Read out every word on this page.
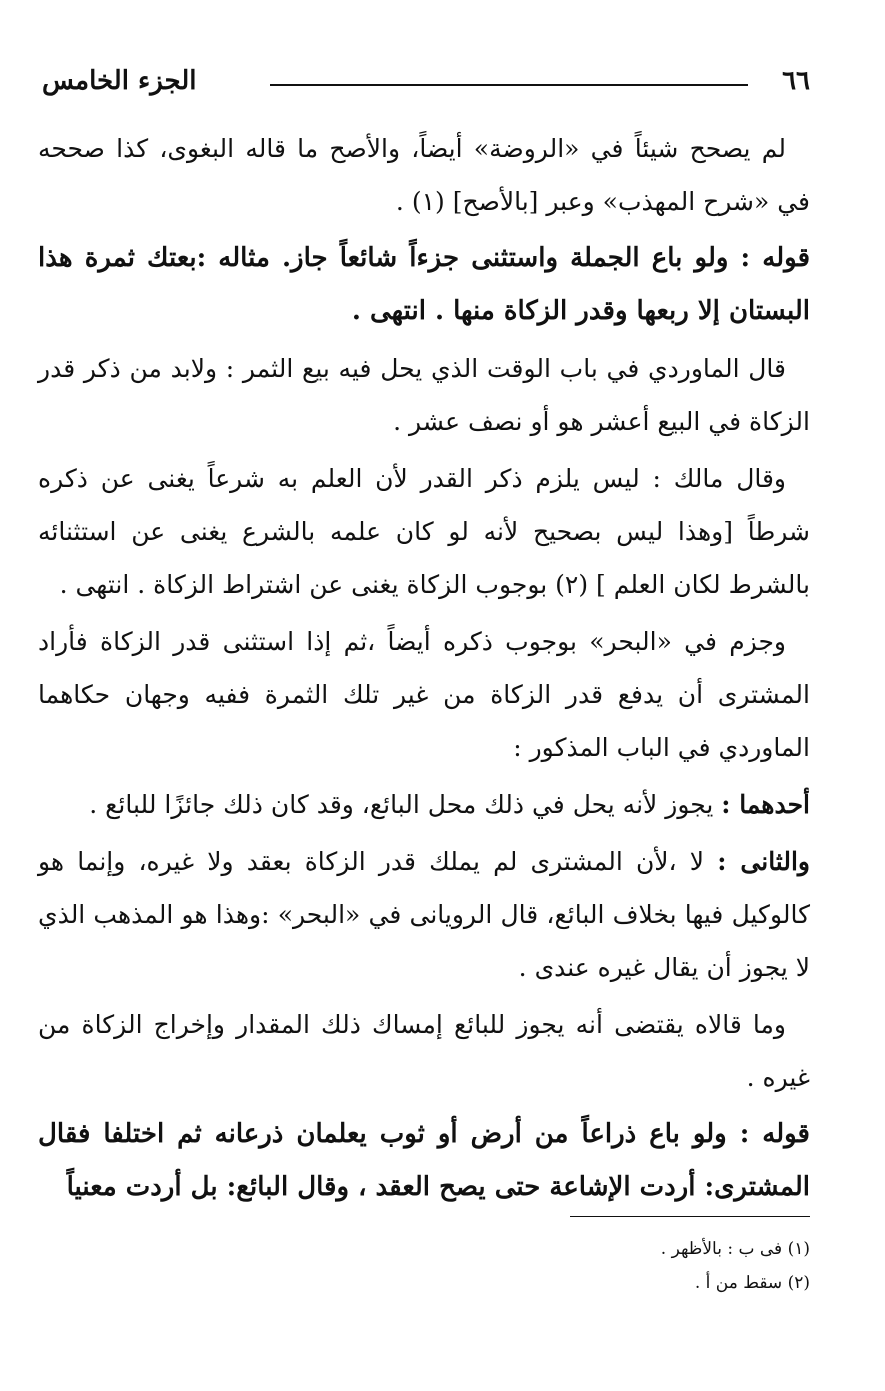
٦٦
الجزء الخامس

لم يصحح شيئاً في «الروضة» أيضاً، والأصح ما قاله البغوى، كذا صححه في «شرح المهذب» وعبر [بالأصح] (١) .

قوله : ولو باع الجملة واستثنى جزءاً شائعاً جاز. مثاله :بعتك ثمرة هذا البستان إلا ربعها وقدر الزكاة منها . انتهى .

قال الماوردي في باب الوقت الذي يحل فيه بيع الثمر : ولابد من ذكر قدر الزكاة في البيع أعشر هو أو نصف عشر .

وقال مالك : ليس يلزم ذكر القدر لأن العلم به شرعاً يغنى عن ذكره شرطاً [وهذا ليس بصحيح لأنه لو كان علمه بالشرع يغنى عن استثنائه بالشرط لكان العلم ] (٢) بوجوب الزكاة يغنى عن اشتراط الزكاة . انتهى .

وجزم في «البحر» بوجوب ذكره أيضاً ،ثم إذا استثنى قدر الزكاة فأراد المشترى أن يدفع قدر الزكاة من غير تلك الثمرة ففيه وجهان حكاهما الماوردي في الباب المذكور :

أحدهما : يجوز لأنه يحل في ذلك محل البائع، وقد كان ذلك جائزًا للبائع .

والثانى : لا ،لأن المشترى لم يملك قدر الزكاة بعقد ولا غيره، وإنما هو كالوكيل فيها بخلاف البائع، قال الرويانى في «البحر» :وهذا هو المذهب الذي لا يجوز أن يقال غيره عندى .

وما قالاه يقتضى أنه يجوز للبائع إمساك ذلك المقدار وإخراج الزكاة من غيره .

قوله : ولو باع ذراعاً من أرض أو ثوب يعلمان ذرعانه ثم اختلفا فقال المشترى: أردت الإشاعة حتى يصح العقد ، وقال البائع: بل أردت معنياً

(١) فى ب : بالأظهر .

(٢) سقط من أ .
